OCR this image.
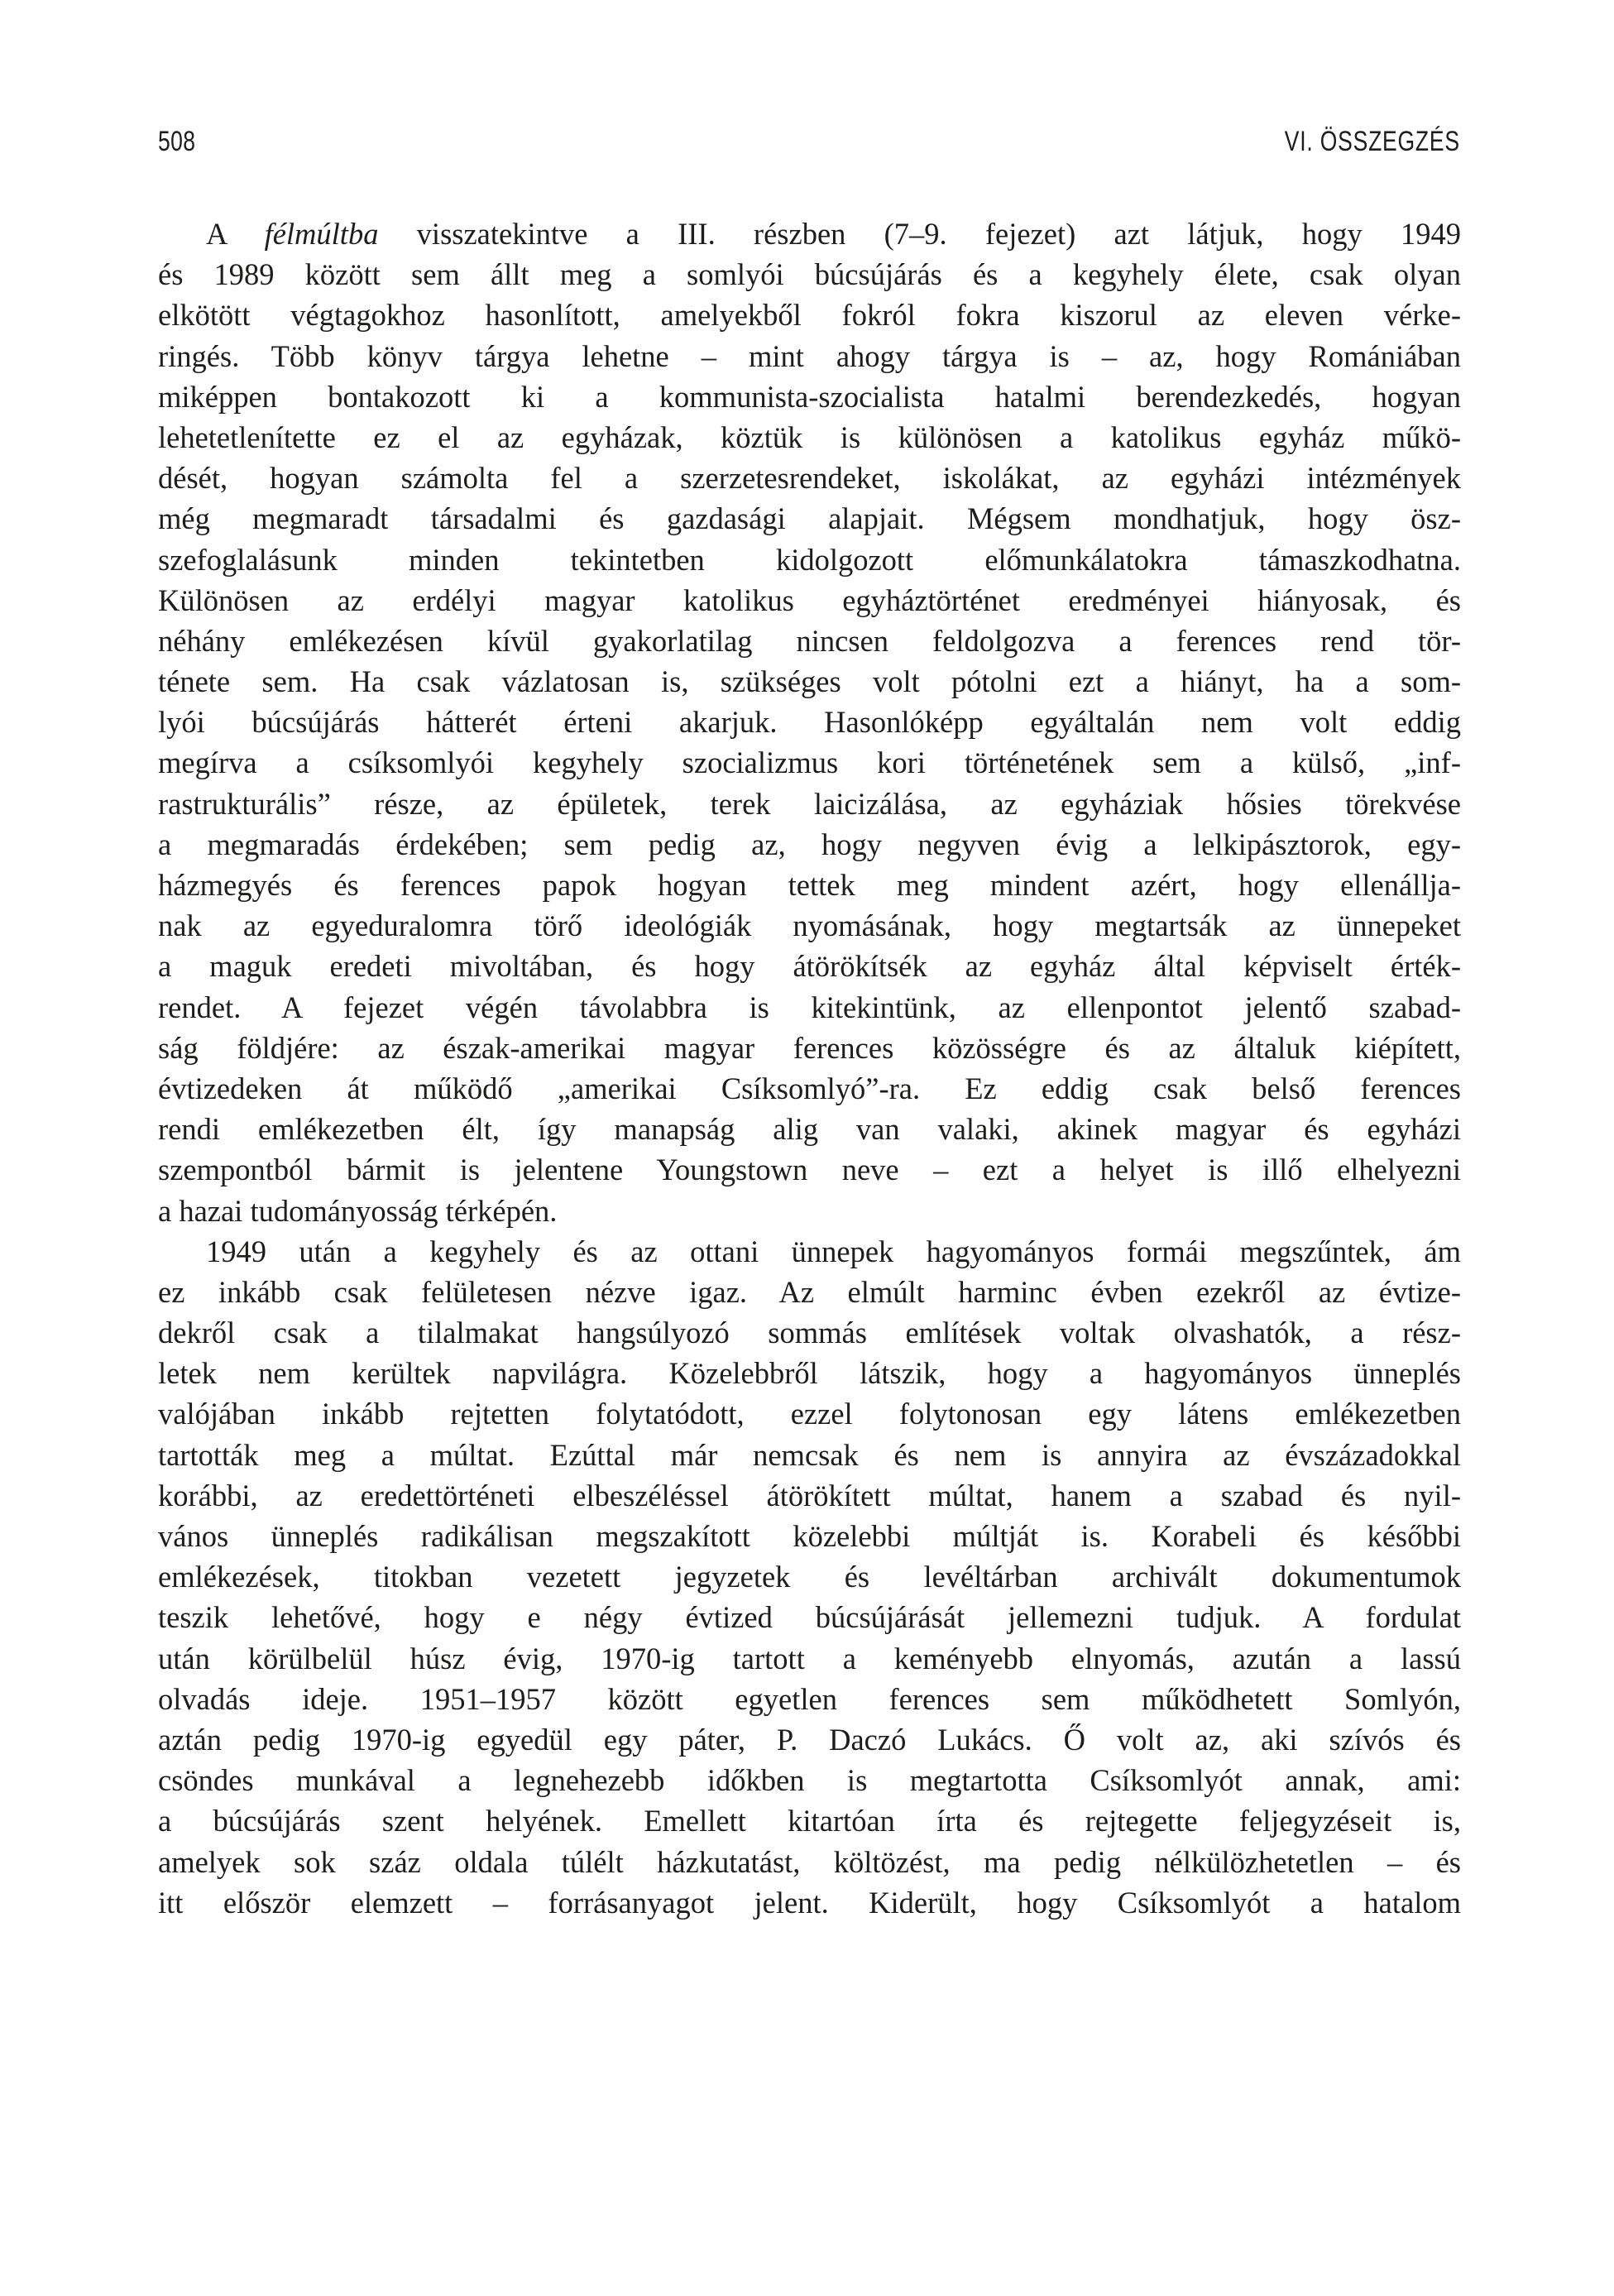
508	VI. ÖSSZEGZÉS
A félmúltba visszatekintve a III. részben (7–9. fejezet) azt látjuk, hogy 1949
és 1989 között sem állt meg a somlyói búcsújárás és a kegyhely élete, csak olyan
elkötött végtagokhoz hasonlított, amelyekből fokról fokra kiszorul az eleven vérke-
ringés. Több könyv tárgya lehetne – mint ahogy tárgya is – az, hogy Romániában
miképpen bontakozott ki a kommunista-szocialista hatalmi berendezkedés, hogyan
lehetetlenítette ez el az egyházak, köztük is különösen a katolikus egyház műkö-
dését, hogyan számolta fel a szerzetesrendeket, iskolákat, az egyházi intézmények
még megmaradt társadalmi és gazdasági alapjait. Mégsem mondhatjuk, hogy ösz-
szefoglalásunk minden tekintetben kidolgozott előmunkálatokra támaszkodhatna.
Különösen az erdélyi magyar katolikus egyháztörténet eredményei hiányosak, és
néhány emlékezésen kívül gyakorlatilag nincsen feldolgozva a ferences rend tör-
ténete sem. Ha csak vázlatosan is, szükséges volt pótolni ezt a hiányt, ha a som-
lyói búcsújárás hátterét érteni akarjuk. Hasonlóképp egyáltalán nem volt eddig
megírva a csíksomlyói kegyhely szocializmus kori történetének sem a külső, „inf-
rastrukturális” része, az épületek, terek laicizálása, az egyháziak hősies törekvése
a megmaradás érdekében; sem pedig az, hogy negyven évig a lelkipásztorok, egy-
házmegyés és ferences papok hogyan tettek meg mindent azért, hogy ellenállja-
nak az egyeduralomra törő ideológiák nyomásának, hogy megtartsák az ünnepeket
a maguk eredeti mivoltában, és hogy átörökítsék az egyház által képviselt érték-
rendet. A fejezet végén távolabbra is kitekintünk, az ellenpontot jelentő szabad-
ság földjére: az észak-amerikai magyar ferences közösségre és az általuk kiépített,
évtizedeken át működő „amerikai Csíksomlyó”-ra. Ez eddig csak belső ferences
rendi emlékezetben élt, így manapság alig van valaki, akinek magyar és egyházi
szempontból bármit is jelentene Youngstown neve – ezt a helyet is illő elhelyezni
a hazai tudományosság térképén.
1949 után a kegyhely és az ottani ünnepek hagyományos formái megszűntek, ám
ez inkább csak felületesen nézve igaz. Az elmúlt harminc évben ezekről az évtize-
dekről csak a tilalmakat hangsúlyozó sommás említések voltak olvashatók, a rész-
letek nem kerültek napvilágra. Közelebbről látszik, hogy a hagyományos ünneplés
valójában inkább rejtetten folytatódott, ezzel folytonosan egy látens emlékezetben
tartották meg a múltat. Ezúttal már nemcsak és nem is annyira az évszázadokkal
korábbi, az eredettörténeti elbeszéléssel átörökített múltat, hanem a szabad és nyil-
vános ünneplés radikálisan megszakított közelebbi múltját is. Korabeli és későbbi
emlékezések, titokban vezetett jegyzetek és levéltárban archivált dokumentumok
teszik lehetővé, hogy e négy évtized búcsújárását jellemezni tudjuk. A fordulat
után körülbelül húsz évig, 1970-ig tartott a keményebb elnyomás, azután a lassú
olvadás ideje. 1951–1957 között egyetlen ferences sem működhetett Somlyón,
aztán pedig 1970-ig egyedül egy páter, P. Daczó Lukács. Ő volt az, aki szívós és
csöndes munkával a legnehezebb időkben is megtartotta Csíksomlyót annak, ami:
a búcsújárás szent helyének. Emellett kitartóan írta és rejtegette feljegyzéseit is,
amelyek sok száz oldala túlélt házkutatást, költözést, ma pedig nélkülözhetetlen – és
itt először elemzett – forrásanyagot jelent. Kiderült, hogy Csíksomlyót a hatalom
